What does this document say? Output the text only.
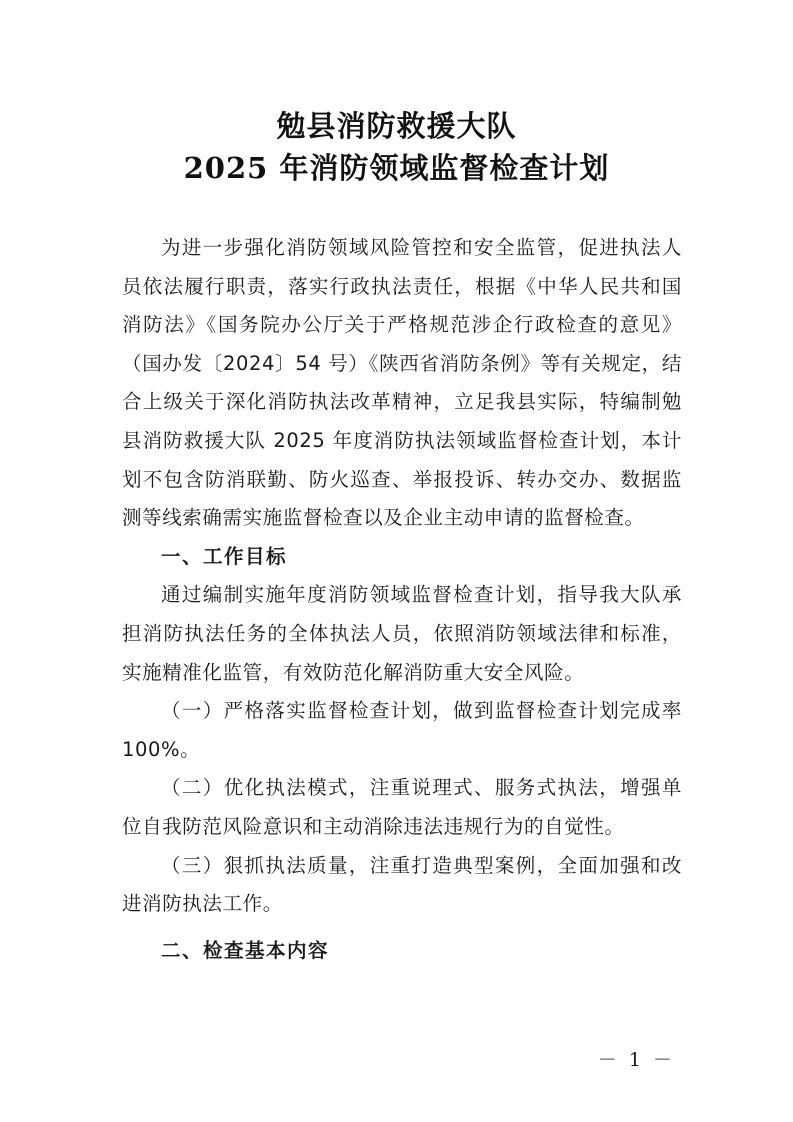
勉县消防救援大队
2025 年消防领域监督检查计划

为进一步强化消防领域风险管控和安全监管，促进执法人员依法履行职责，落实行政执法责任，根据《中华人民共和国消防法》《国务院办公厅关于严格规范涉企行政检查的意见》（国办发〔2024〕54 号）《陕西省消防条例》等有关规定，结合上级关于深化消防执法改革精神，立足我县实际，特编制勉县消防救援大队 2025 年度消防执法领域监督检查计划，本计划不包含防消联勤、防火巡查、举报投诉、转办交办、数据监测等线索确需实施监督检查以及企业主动申请的监督检查。

一、工作目标

通过编制实施年度消防领域监督检查计划，指导我大队承担消防执法任务的全体执法人员，依照消防领域法律和标准，实施精准化监管，有效防范化解消防重大安全风险。

（一）严格落实监督检查计划，做到监督检查计划完成率 100%。

（二）优化执法模式，注重说理式、服务式执法，增强单位自我防范风险意识和主动消除违法违规行为的自觉性。

（三）狠抓执法质量，注重打造典型案例，全面加强和改进消防执法工作。

二、检查基本内容

－ 1 －
